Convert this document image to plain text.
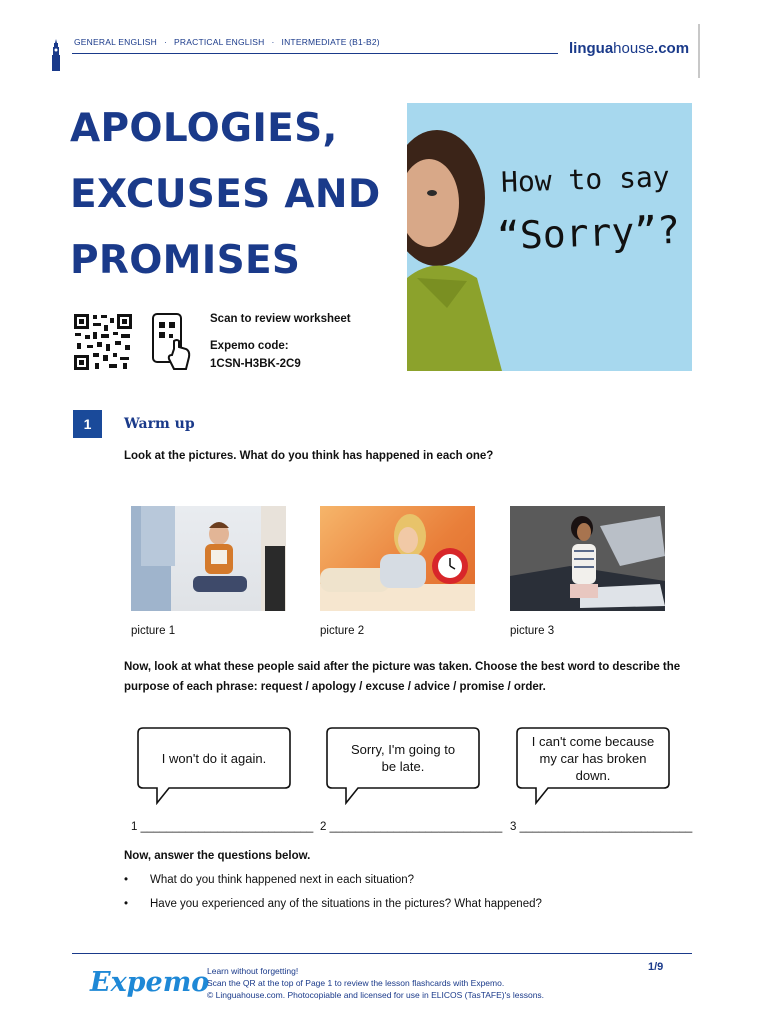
GENERAL ENGLISH · PRACTICAL ENGLISH · INTERMEDIATE (B1-B2)	linguahouse.com
APOLOGIES,
EXCUSES AND
PROMISES
How to say
“Sorry”?
Scan to review worksheet
Expemo code:
1CSN-H3BK-2C9
1	Warm up
Look at the pictures. What do you think has happened in each one?
picture 1	picture 2	picture 3
Now, look at what these people said after the picture was taken. Choose the best word to describe the purpose of each phrase: request / apology / excuse / advice / promise / order.
I won't do it again.
Sorry, I'm going to be late.
I can't come because my car has broken down.
1 ___________________________ 2 ___________________________ 3 ___________________________
Now, answer the questions below.
• What do you think happened next in each situation?
• Have you experienced any of the situations in the pictures? What happened?
Expemo
Learn without forgetting!
Scan the QR at the top of Page 1 to review the lesson flashcards with Expemo.
© Linguahouse.com. Photocopiable and licensed for use in ELICOS (TasTAFE)'s lessons.
1/9
